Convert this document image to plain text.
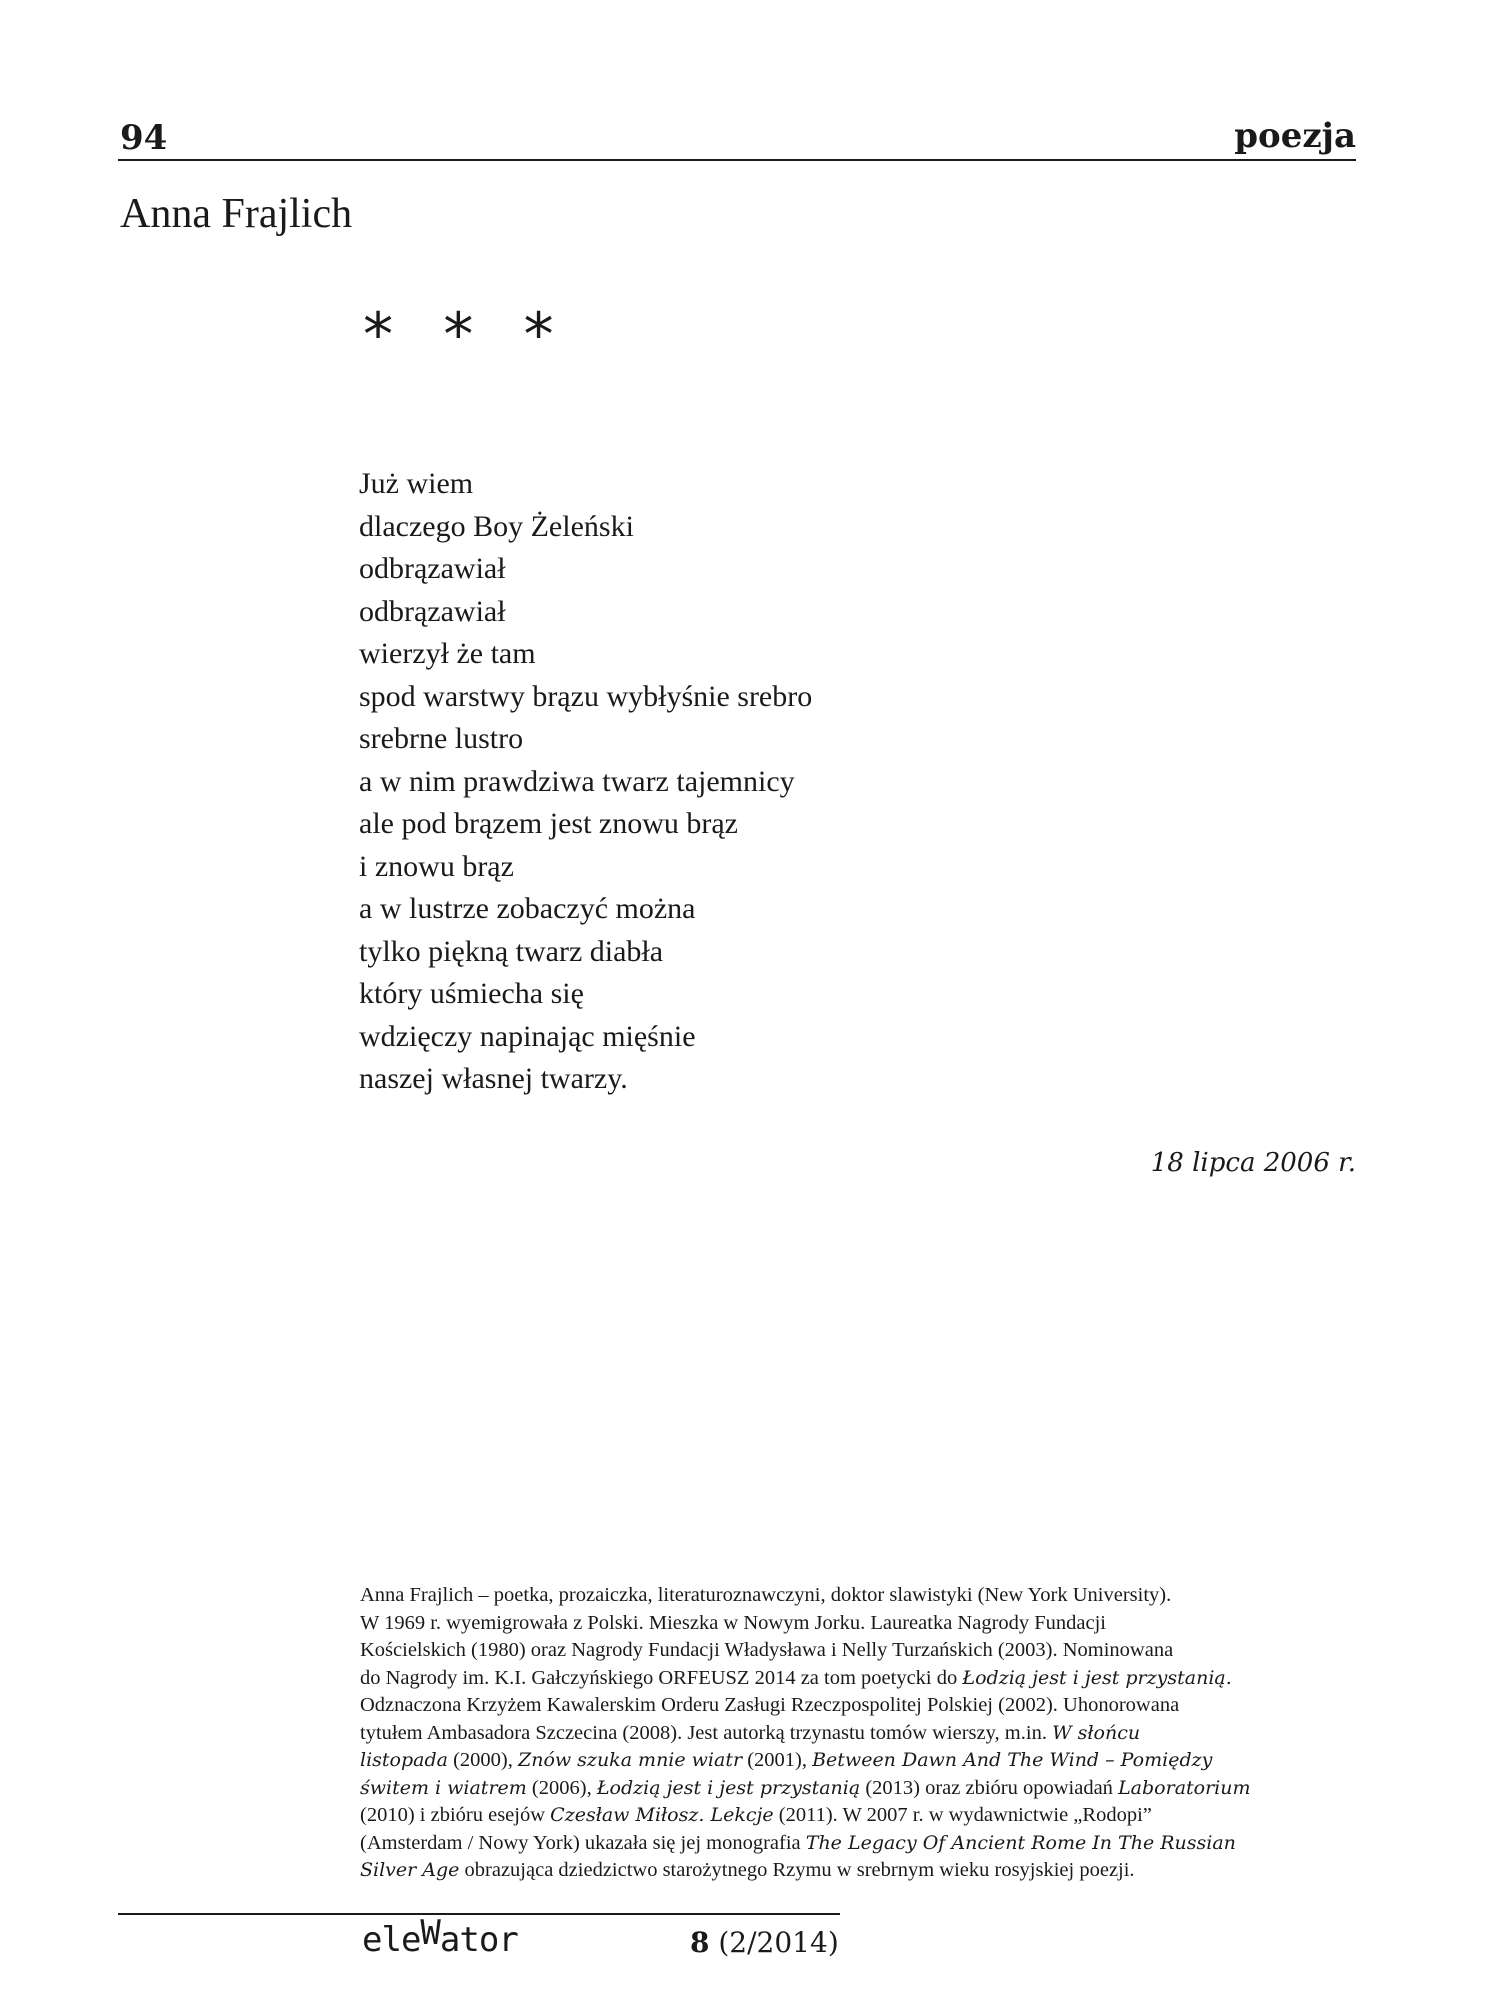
94	poezja
Anna Frajlich
* * *
Już wiem
dlaczego Boy Żeleński
odbrązawiał
odbrązawiał
wierzył że tam
spod warstwy brązu wybłyśnie srebro
srebrne lustro
a w nim prawdziwa twarz tajemnicy
ale pod brązem jest znowu brąz
i znowu brąz
a w lustrze zobaczyć można
tylko piękną twarz diabła
który uśmiecha się
wdzięczy napinając mięśnie
naszej własnej twarzy.
18 lipca 2006 r.
Anna Frajlich – poetka, prozaiczka, literaturoznawczyni, doktor slawistyki (New York University).
W 1969 r. wyemigrowała z Polski. Mieszka w Nowym Jorku. Laureatka Nagrody Fundacji
Kościelskich (1980) oraz Nagrody Fundacji Władysława i Nelly Turzańskich (2003). Nominowana
do Nagrody im. K.I. Gałczyńskiego ORFEUSZ 2014 za tom poetycki do Łodzią jest i jest przystanią.
Odznaczona Krzyżem Kawalerskim Orderu Zasługi Rzeczpospolitej Polskiej (2002). Uhonorowana
tytułem Ambasadora Szczecina (2008). Jest autorką trzynastu tomów wierszy, m.in. W słońcu
listopada (2000), Znów szuka mnie wiatr (2001), Between Dawn And The Wind – Pomiędzy
świtem i wiatrem (2006), Łodzią jest i jest przystanią (2013) oraz zbióru opowiadań Laboratorium
(2010) i zbióru esejów Czesław Miłosz. Lekcje (2011). W 2007 r. w wydawnictwie „Rodopi”
(Amsterdam / Nowy York) ukazała się jej monografia The Legacy Of Ancient Rome In The Russian
Silver Age obrazująca dziedzictwo starożytnego Rzymu w srebrnym wieku rosyjskiej poezji.
eleWator	8 (2/2014)
